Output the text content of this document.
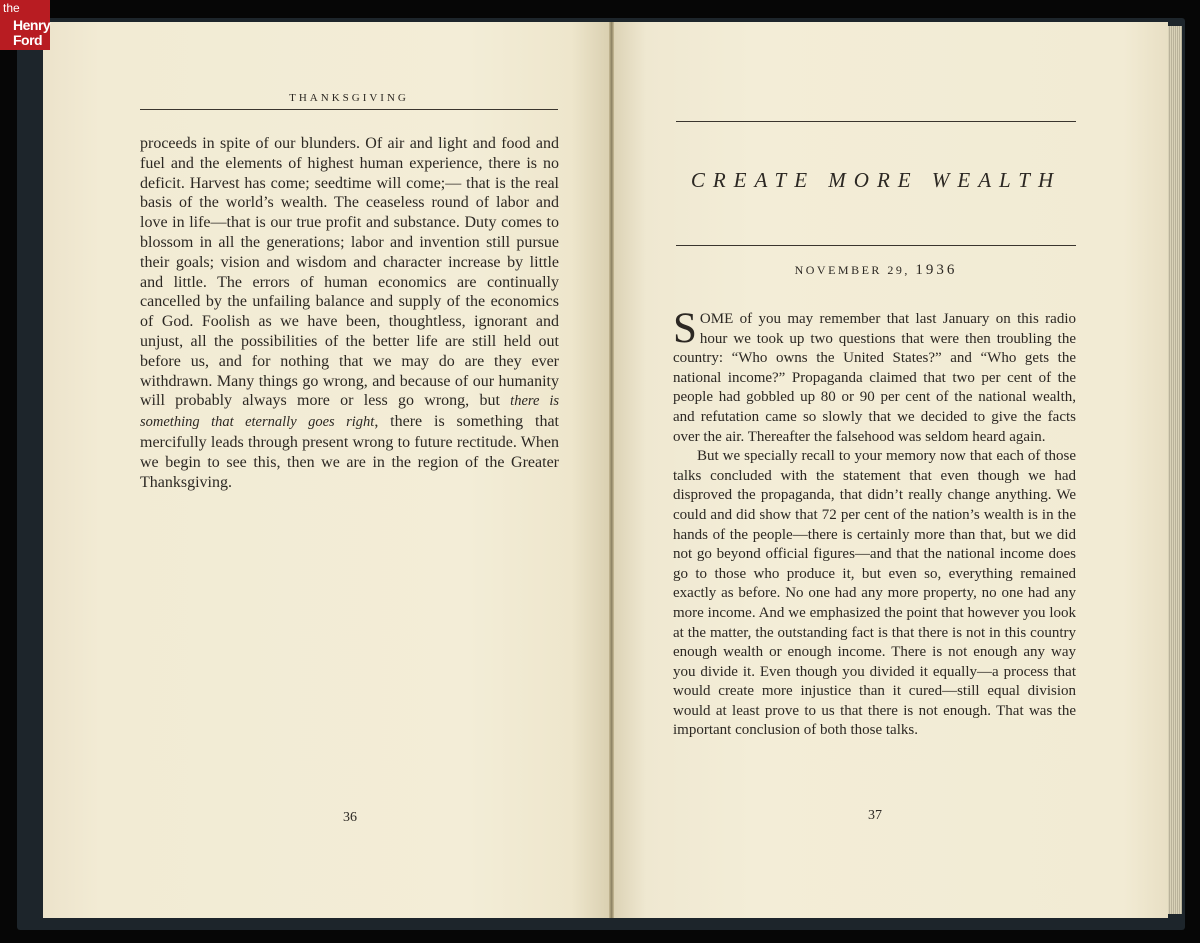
the
Henry
Ford
THANKSGIVING
proceeds in spite of our blunders. Of air and light and food and fuel and the elements of highest human experience, there is no deficit. Harvest has come; seedtime will come;— that is the real basis of the world’s wealth. The ceaseless round of labor and love in life—that is our true profit and substance. Duty comes to blossom in all the generations; labor and invention still pursue their goals; vision and wisdom and character increase by little and little. The errors of human economics are continually cancelled by the unfailing balance and supply of the economics of God. Foolish as we have been, thoughtless, ignorant and unjust, all the possibilities of the better life are still held out before us, and for nothing that we may do are they ever withdrawn. Many things go wrong, and because of our humanity will probably always more or less go wrong, but there is something that eternally goes right, there is something that mercifully leads through present wrong to future rectitude. When we begin to see this, then we are in the region of the Greater Thanksgiving.
36
CREATE MORE WEALTH
NOVEMBER 29, 1936

SOME of you may remember that last January on this radio hour we took up two questions that were then troubling the country: “Who owns the United States?” and “Who gets the national income?” Propaganda claimed that two per cent of the people had gobbled up 80 or 90 per cent of the national wealth, and refutation came so slowly that we decided to give the facts over the air. Thereafter the falsehood was seldom heard again.

But we specially recall to your memory now that each of those talks concluded with the statement that even though we had disproved the propaganda, that didn’t really change anything. We could and did show that 72 per cent of the nation’s wealth is in the hands of the people—there is certainly more than that, but we did not go beyond official figures—and that the national income does go to those who produce it, but even so, everything remained exactly as before. No one had any more property, no one had any more income. And we emphasized the point that however you look at the matter, the outstanding fact is that there is not in this country enough wealth or enough income. There is not enough any way you divide it. Even though you divided it equally—a process that would create more injustice than it cured—still equal division would at least prove to us that there is not enough. That was the important conclusion of both those talks.

37
